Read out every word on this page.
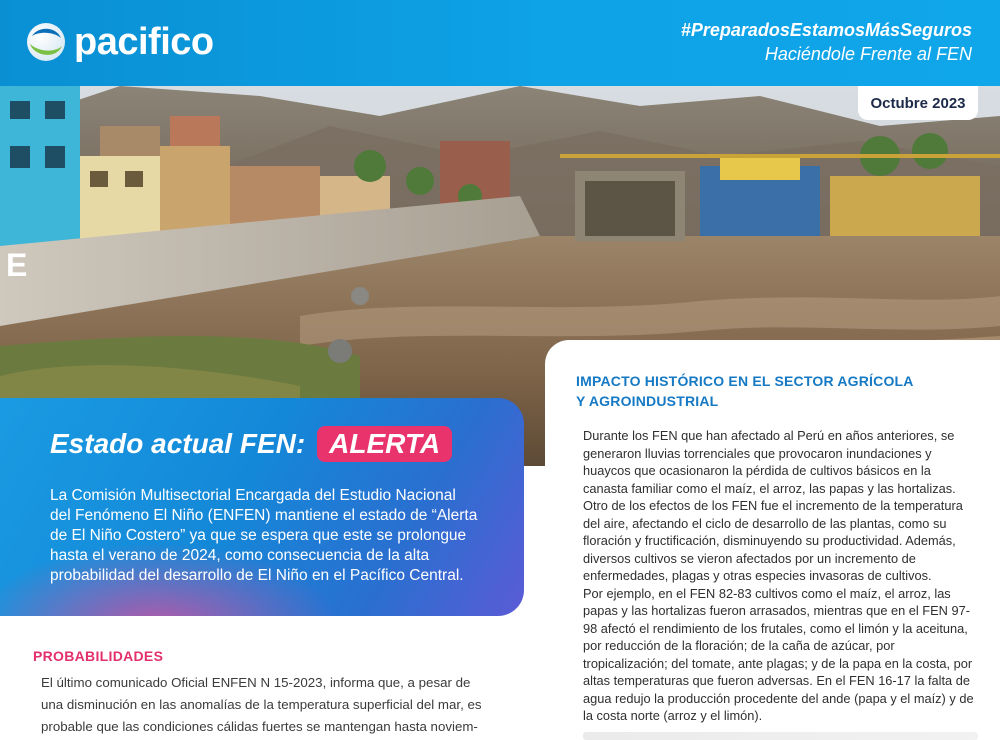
pacifico	#PreparadosEstamosMásSeguros
Haciéndole Frente al FEN
E
Octubre 2023
Estado actual FEN: ALERTA
La Comisión Multisectorial Encargada del Estudio Nacional del Fenómeno El Niño (ENFEN) mantiene el estado de “Alerta de El Niño Costero” ya que se espera que este se prolongue hasta el verano de 2024, como consecuencia de la alta probabilidad del desarrollo de El Niño en el Pacífico Central.
PROBABILIDADES
El último comunicado Oficial ENFEN N 15-2023, informa que, a pesar de una disminución en las anomalías de la temperatura superficial del mar, es probable que las condiciones cálidas fuertes se mantengan hasta noviem-
IMPACTO HISTÓRICO EN EL SECTOR AGRÍCOLA
Y AGROINDUSTRIAL

Durante los FEN que han afectado al Perú en años anteriores, se generaron lluvias torrenciales que provocaron inundaciones y huaycos que ocasionaron la pérdida de cultivos básicos en la canasta familiar como el maíz, el arroz, las papas y las hortalizas. Otro de los efectos de los FEN fue el incremento de la temperatura del aire, afectando el ciclo de desarrollo de las plantas, como su floración y fructificación, disminuyendo su productividad. Además, diversos cultivos se vieron afectados por un incremento de enfermedades, plagas y otras especies invasoras de cultivos.

Por ejemplo, en el FEN 82-83 cultivos como el maíz, el arroz, las papas y las hortalizas fueron arrasados, mientras que en el FEN 97-98 afectó el rendimiento de los frutales, como el limón y la aceituna, por reducción de la floración; de la caña de azúcar, por tropicalización; del tomate, ante plagas; y de la papa en la costa, por altas temperaturas que fueron adversas. En el FEN 16-17 la falta de agua redujo la producción procedente del ande (papa y el maíz) y de la costa norte (arroz y el limón).
